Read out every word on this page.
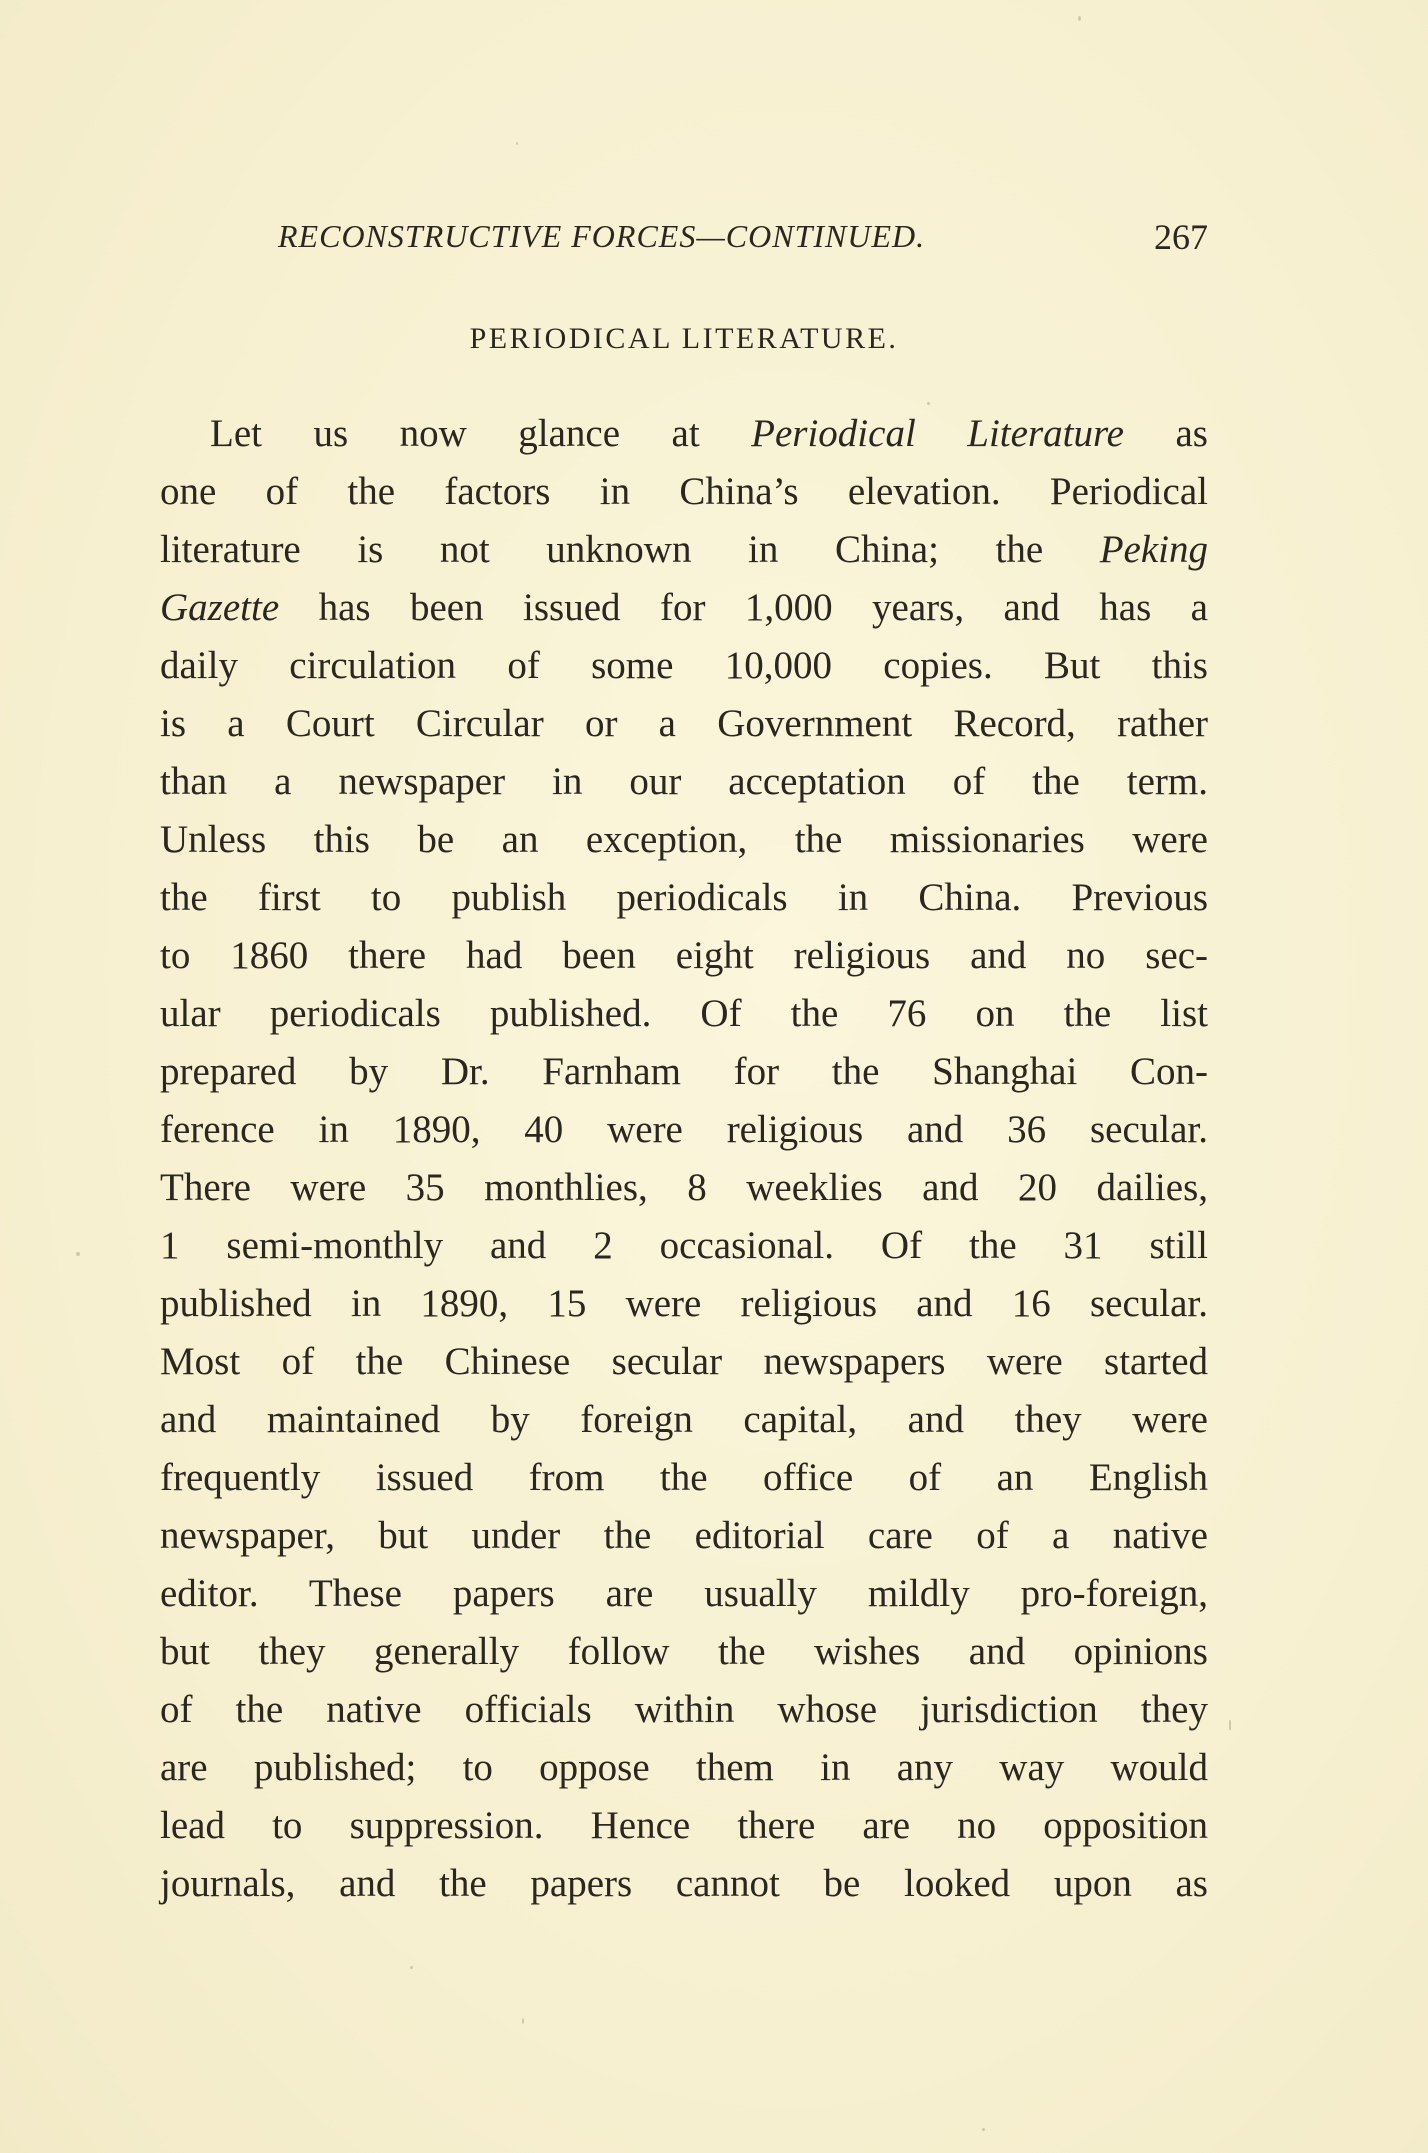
RECONSTRUCTIVE FORCES—CONTINUED.	267
PERIODICAL LITERATURE.
Let us now glance at Periodical Literature as
one of the factors in China’s elevation. Periodical
literature is not unknown in China; the Peking
Gazette has been issued for 1,000 years, and has a
daily circulation of some 10,000 copies. But this
is a Court Circular or a Government Record, rather
than a newspaper in our acceptation of the term.
Unless this be an exception, the missionaries were
the first to publish periodicals in China. Previous
to 1860 there had been eight religious and no sec-
ular periodicals published. Of the 76 on the list
prepared by Dr. Farnham for the Shanghai Con-
ference in 1890, 40 were religious and 36 secular.
There were 35 monthlies, 8 weeklies and 20 dailies,
1 semi-monthly and 2 occasional. Of the 31 still
published in 1890, 15 were religious and 16 secular.
Most of the Chinese secular newspapers were started
and maintained by foreign capital, and they were
frequently issued from the office of an English
newspaper, but under the editorial care of a native
editor. These papers are usually mildly pro-foreign,
but they generally follow the wishes and opinions
of the native officials within whose jurisdiction they
are published; to oppose them in any way would
lead to suppression. Hence there are no opposition
journals, and the papers cannot be looked upon as
